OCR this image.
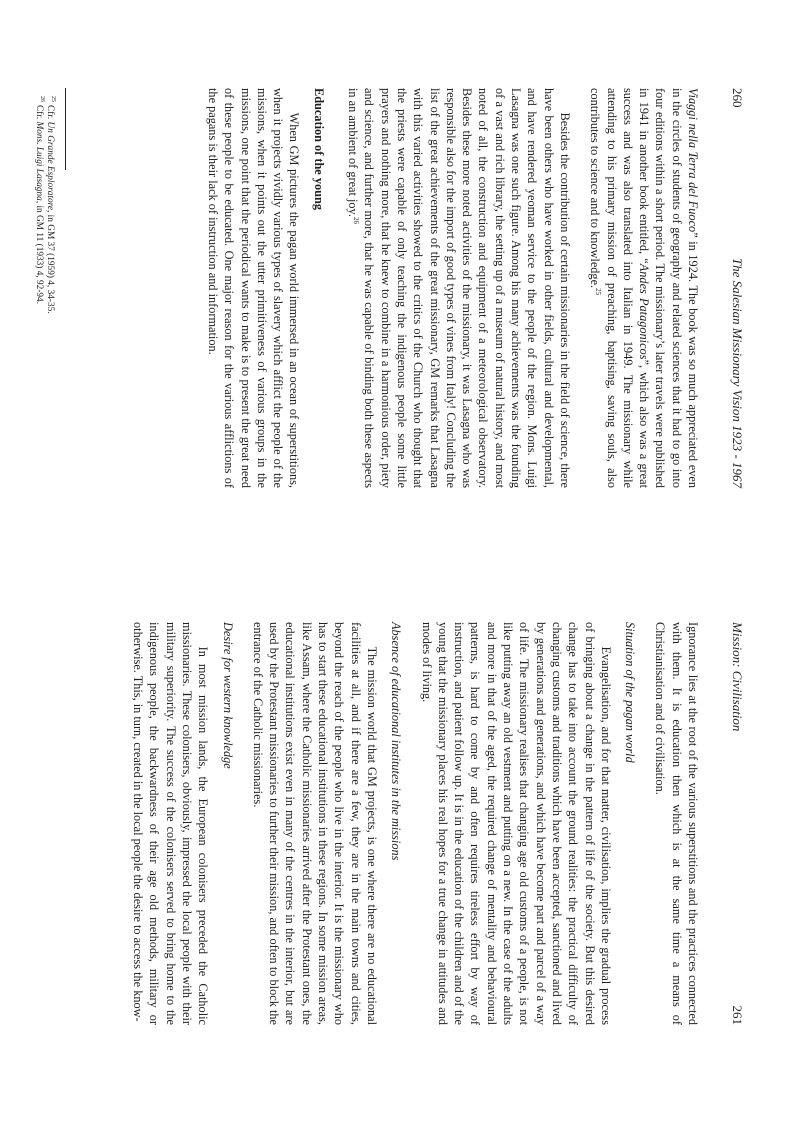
260
The Salesian Missionary Vision 1923 - 1967

Viaggi nella Terra del Fuoco” in 1924. The book was so much appreciated even in the circles of students of geography and related sciences that it had to go into four editions within a short period. The missionary’s later travels were published in 1941 in another book entitled, “Andes Patagonicos”, which also was a great success and was also translated into Italian in 1949. The missionary while attending to his primary mission of preaching, baptising, saving souls, also contributes to science and to knowledge.$^{25}$

Besides the contribution of certain missionaries in the field of science, there have been others who have worked in other fields, cultural and developmental, and have rendered yeoman service to the people of the region. Mons. Luigi Lasagna was one such figure. Among his many achievements was the founding of a vast and rich library, the setting up of a museum of natural history, and most noted of all, the construction and equipment of a meteorological observatory. Besides these more noted activities of the missionary, it was Lasagna who was responsible also for the import of good types of vines from Italy! Concluding the list of the great achievements of the great missionary, GM remarks that Lasagna with this varied activities showed to the critics of the Church who thought that the priests were capable of only teaching the indigenous people some little prayers and nothing more, that he knew to combine in a harmonious order, piety and science, and further more, that he was capable of binding both these aspects in an ambient of great joy.$^{26}$

Education of the young

When GM pictures the pagan world immersed in an ocean of superstitions, when it projects vividly various types of slavery which afflict the people of the missions, when it points out the utter primitiveness of various groups in the missions, one point that the periodical wants to make is to present the great need of these people to be educated. One major reason for the various afflictions of the pagans is their lack of instruction and information.

$^{25}$Cfr. Un Grande Esploratore, in GM 37 (1959) 4, 34-35.
$^{26}$Cfr. Mons. Luigi Lasagna, in GM 11 (1933) 4, 92-94.
Mission: Civilisation
261

Ignorance lies at the root of the various superstitions and the practices connected with them. It is education then which is at the same time a means of Christianisation and of civilisation.

Situation of the pagan world

Evangelisation, and for that matter, civilisation, implies the gradual process of bringing about a change in the pattern of life of the society. But this desired change has to take into account the ground realities: the practical difficulty of changing customs and traditions which have been accepted, sanctioned and lived by generations and generations, and which have become part and parcel of a way of life. The missionary realises that changing age old customs of a people, is not like putting away an old vestment and putting on a new. In the case of the adults and more in that of the aged, the required change of mentality and behavioural patterns, is hard to come by and often requires tireless effort by way of instruction, and patient follow up. It is in the education of the children and of the young that the missionary places his real hopes for a true change in attitudes and modes of living.

Absence of educational institutes in the missions

The mission world that GM projects, is one where there are no educational facilities at all, and if there are a few, they are in the main towns and cities, beyond the reach of the people who live in the interior. It is the missionary who has to start these educational institutions in these regions. In some mission areas, like Assam, where the Catholic missionaries arrived after the Protestant ones, the educational institutions exist even in many of the centres in the interior, but are used by the Protestant missionaries to further their mission, and often to block the entrance of the Catholic missionaries.

Desire for western knowledge

In most mission lands, the European colonisers preceded the Catholic missionaries. These colonisers, obviously, impressed the local people with their military superiority. The success of the colonisers served to bring home to the indigenous people, the backwardness of their age old methods, military or otherwise. This, in turn, created in the local people the desire to access the know-
